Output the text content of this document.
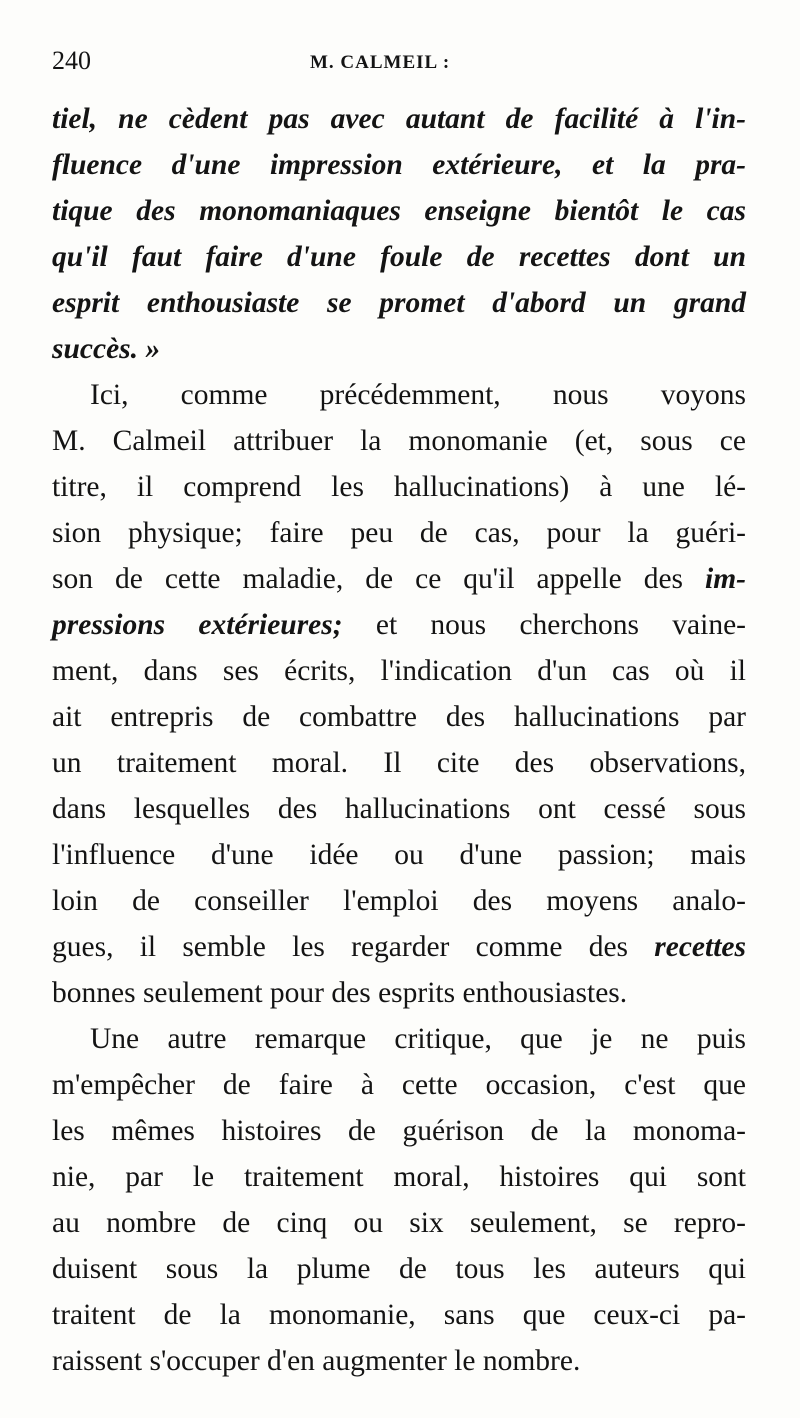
240	M. CALMEIL :
tiel, ne cèdent pas avec autant de facilité à l'in-
fluence d'une impression extérieure, et la pra-
tique des monomaniaques enseigne bientôt le cas
qu'il faut faire d'une foule de recettes dont un
esprit enthousiaste se promet d'abord un grand
succès. »
Ici, comme précédemment, nous voyons
M. Calmeil attribuer la monomanie (et, sous ce
titre, il comprend les hallucinations) à une lé-
sion physique; faire peu de cas, pour la guéri-
son de cette maladie, de ce qu'il appelle des im-
pressions extérieures; et nous cherchons vaine-
ment, dans ses écrits, l'indication d'un cas où il
ait entrepris de combattre des hallucinations par
un traitement moral. Il cite des observations,
dans lesquelles des hallucinations ont cessé sous
l'influence d'une idée ou d'une passion; mais
loin de conseiller l'emploi des moyens analo-
gues, il semble les regarder comme des recettes
bonnes seulement pour des esprits enthousiastes.
Une autre remarque critique, que je ne puis
m'empêcher de faire à cette occasion, c'est que
les mêmes histoires de guérison de la monoma-
nie, par le traitement moral, histoires qui sont
au nombre de cinq ou six seulement, se repro-
duisent sous la plume de tous les auteurs qui
traitent de la monomanie, sans que ceux-ci pa-
raissent s'occuper d'en augmenter le nombre.
